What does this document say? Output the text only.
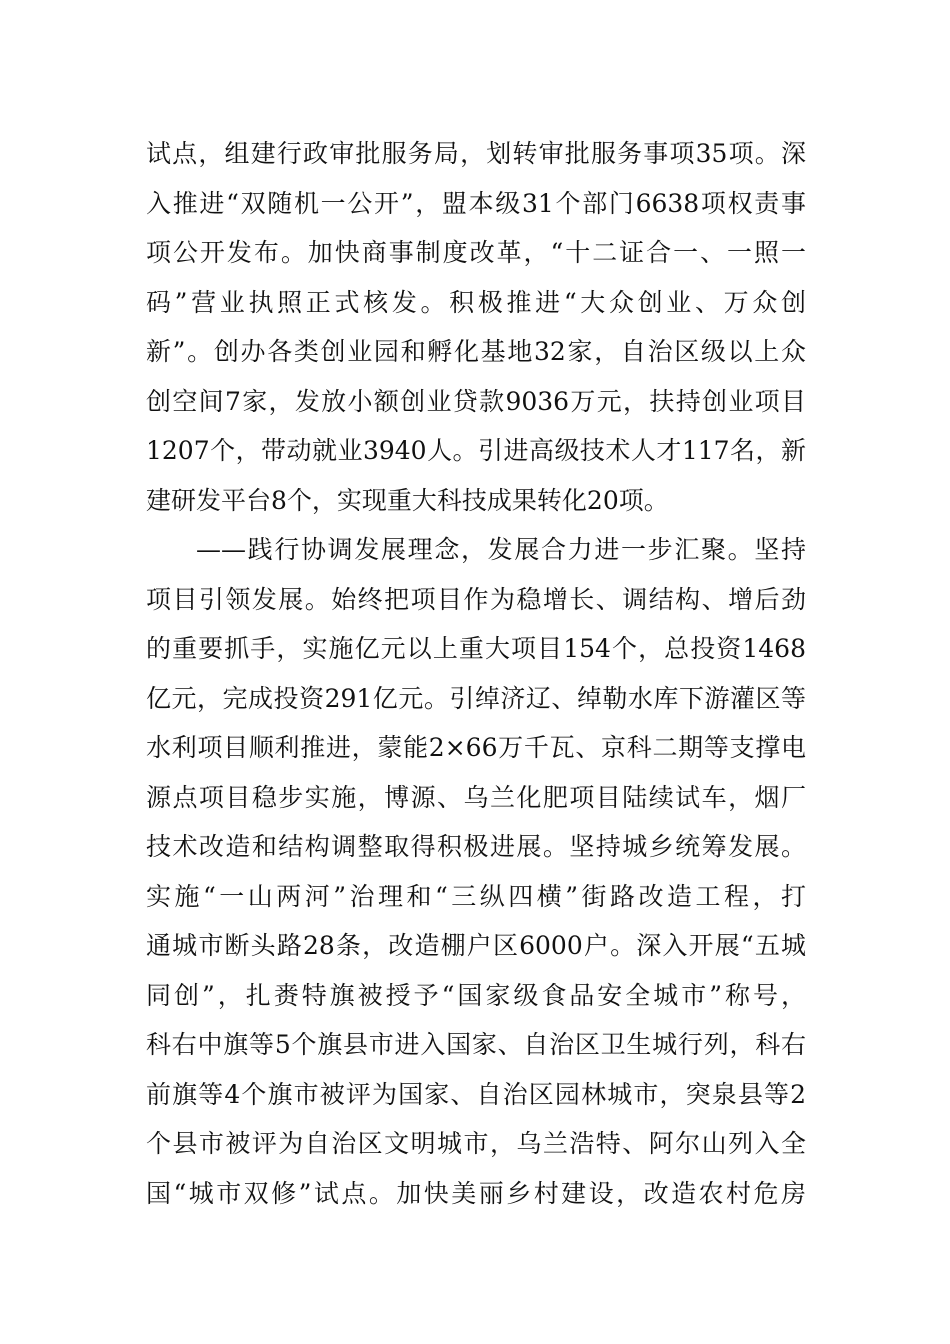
试点，组建行政审批服务局，划转审批服务事项35项。深
入推进“双随机一公开”，盟本级31个部门6638项权责事
项公开发布。加快商事制度改革，“十二证合一、一照一
码”营业执照正式核发。积极推进“大众创业、万众创
新”。创办各类创业园和孵化基地32家，自治区级以上众
创空间7家，发放小额创业贷款9036万元，扶持创业项目
1207个，带动就业3940人。引进高级技术人才117名，新
建研发平台8个，实现重大科技成果转化20项。
——践行协调发展理念，发展合力进一步汇聚。坚持
项目引领发展。始终把项目作为稳增长、调结构、增后劲
的重要抓手，实施亿元以上重大项目154个，总投资1468
亿元，完成投资291亿元。引绰济辽、绰勒水库下游灌区等
水利项目顺利推进，蒙能2×66万千瓦、京科二期等支撑电
源点项目稳步实施，博源、乌兰化肥项目陆续试车，烟厂
技术改造和结构调整取得积极进展。坚持城乡统筹发展。
实施“一山两河”治理和“三纵四横”街路改造工程，打
通城市断头路28条，改造棚户区6000户。深入开展“五城
同创”，扎赉特旗被授予“国家级食品安全城市”称号，
科右中旗等5个旗县市进入国家、自治区卫生城行列，科右
前旗等4个旗市被评为国家、自治区园林城市，突泉县等2
个县市被评为自治区文明城市，乌兰浩特、阿尔山列入全
国“城市双修”试点。加快美丽乡村建设，改造农村危房
